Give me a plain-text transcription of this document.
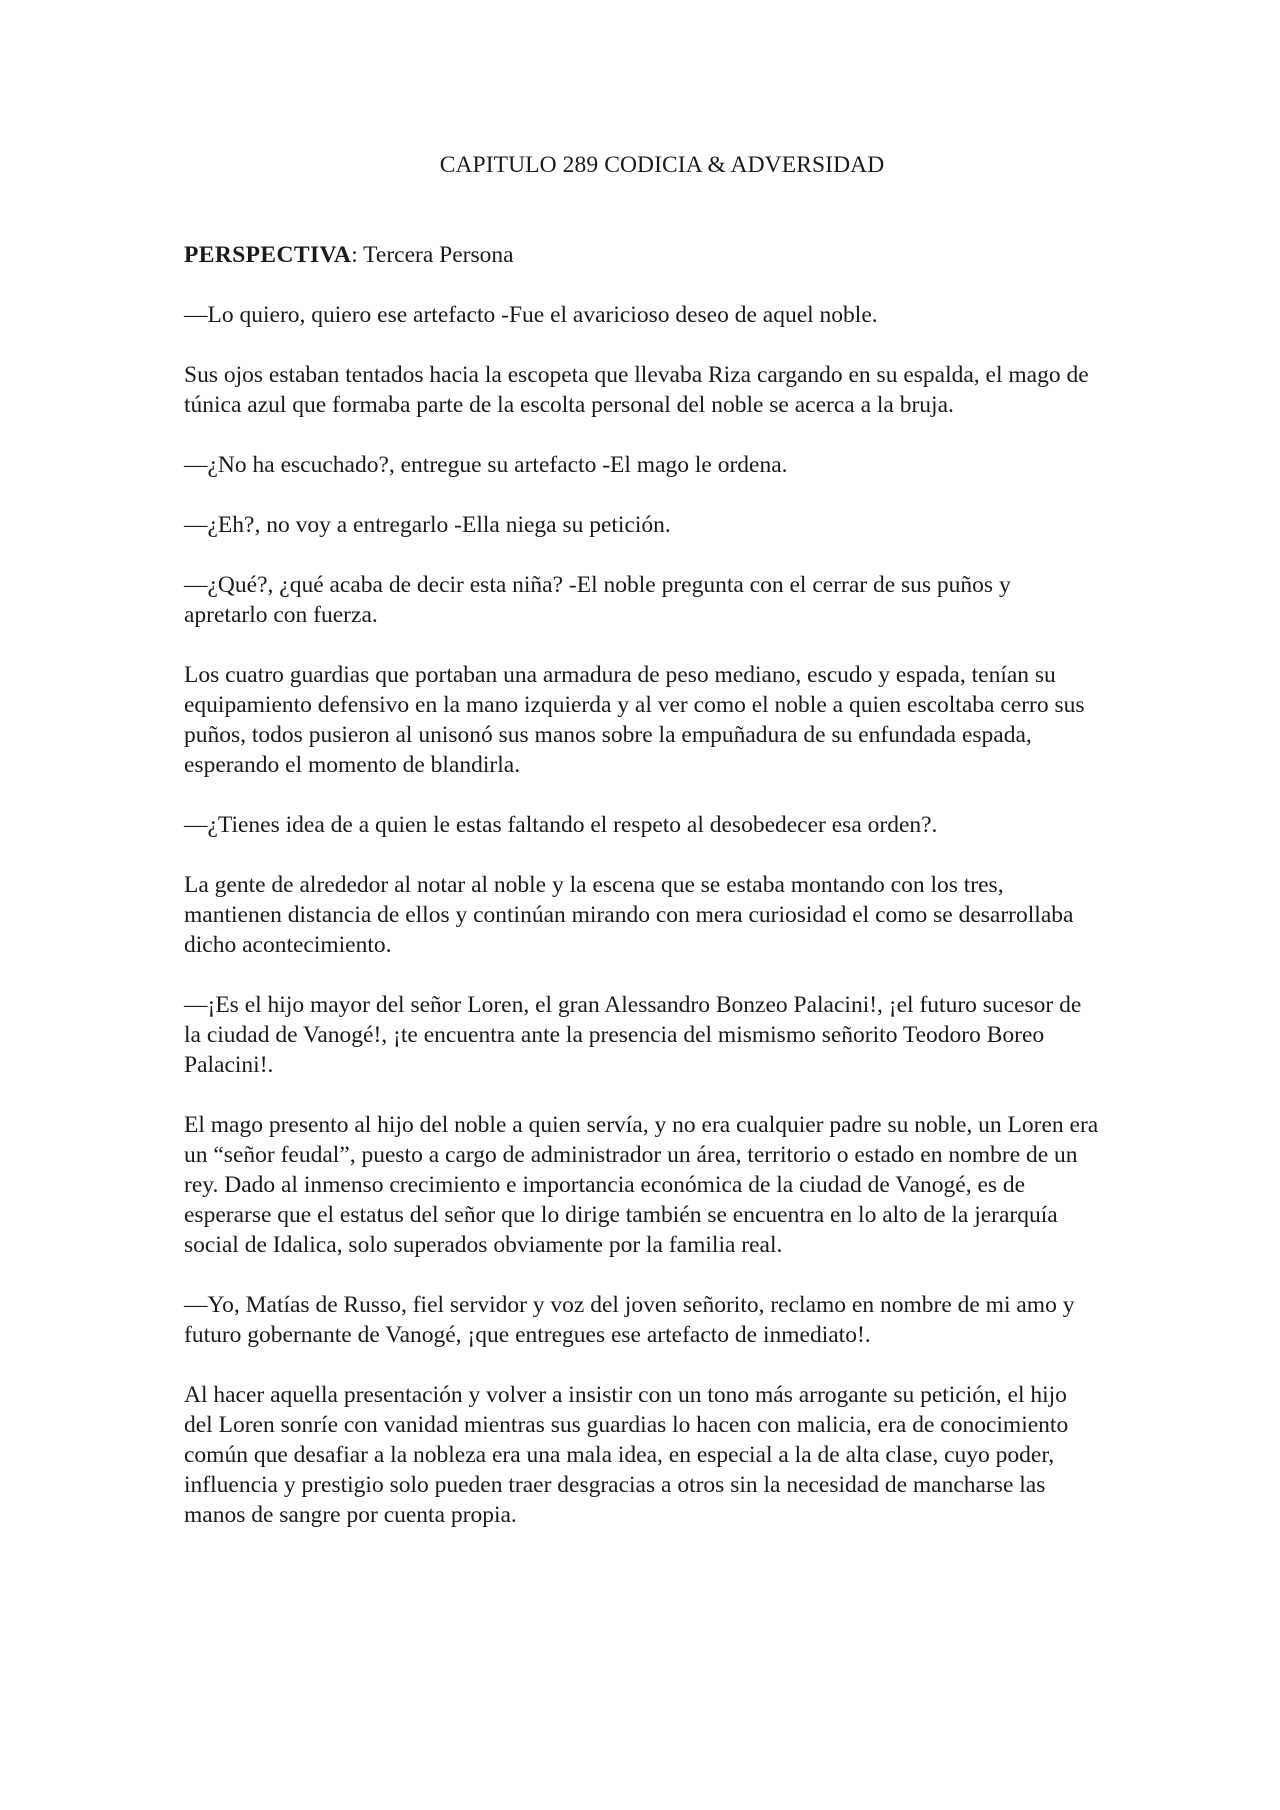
CAPITULO 289 CODICIA & ADVERSIDAD

PERSPECTIVA: Tercera Persona

—Lo quiero, quiero ese artefacto -Fue el avaricioso deseo de aquel noble.

Sus ojos estaban tentados hacia la escopeta que llevaba Riza cargando en su espalda, el mago de túnica azul que formaba parte de la escolta personal del noble se acerca a la bruja.

—¿No ha escuchado?, entregue su artefacto -El mago le ordena.

—¿Eh?, no voy a entregarlo -Ella niega su petición.

—¿Qué?, ¿qué acaba de decir esta niña? -El noble pregunta con el cerrar de sus puños y apretarlo con fuerza.

Los cuatro guardias que portaban una armadura de peso mediano, escudo y espada, tenían su equipamiento defensivo en la mano izquierda y al ver como el noble a quien escoltaba cerro sus puños, todos pusieron al unisonó sus manos sobre la empuñadura de su enfundada espada, esperando el momento de blandirla.

—¿Tienes idea de a quien le estas faltando el respeto al desobedecer esa orden?.

La gente de alrededor al notar al noble y la escena que se estaba montando con los tres, mantienen distancia de ellos y continúan mirando con mera curiosidad el como se desarrollaba dicho acontecimiento.

—¡Es el hijo mayor del señor Loren, el gran Alessandro Bonzeo Palacini!, ¡el futuro sucesor de la ciudad de Vanogé!, ¡te encuentra ante la presencia del mismismo señorito Teodoro Boreo Palacini!.

El mago presento al hijo del noble a quien servía, y no era cualquier padre su noble, un Loren era un “señor feudal”, puesto a cargo de administrador un área, territorio o estado en nombre de un rey. Dado al inmenso crecimiento e importancia económica de la ciudad de Vanogé, es de esperarse que el estatus del señor que lo dirige también se encuentra en lo alto de la jerarquía social de Idalica, solo superados obviamente por la familia real.

—Yo, Matías de Russo, fiel servidor y voz del joven señorito, reclamo en nombre de mi amo y futuro gobernante de Vanogé, ¡que entregues ese artefacto de inmediato!.

Al hacer aquella presentación y volver a insistir con un tono más arrogante su petición, el hijo del Loren sonríe con vanidad mientras sus guardias lo hacen con malicia, era de conocimiento común que desafiar a la nobleza era una mala idea, en especial a la de alta clase, cuyo poder, influencia y prestigio solo pueden traer desgracias a otros sin la necesidad de mancharse las manos de sangre por cuenta propia.
